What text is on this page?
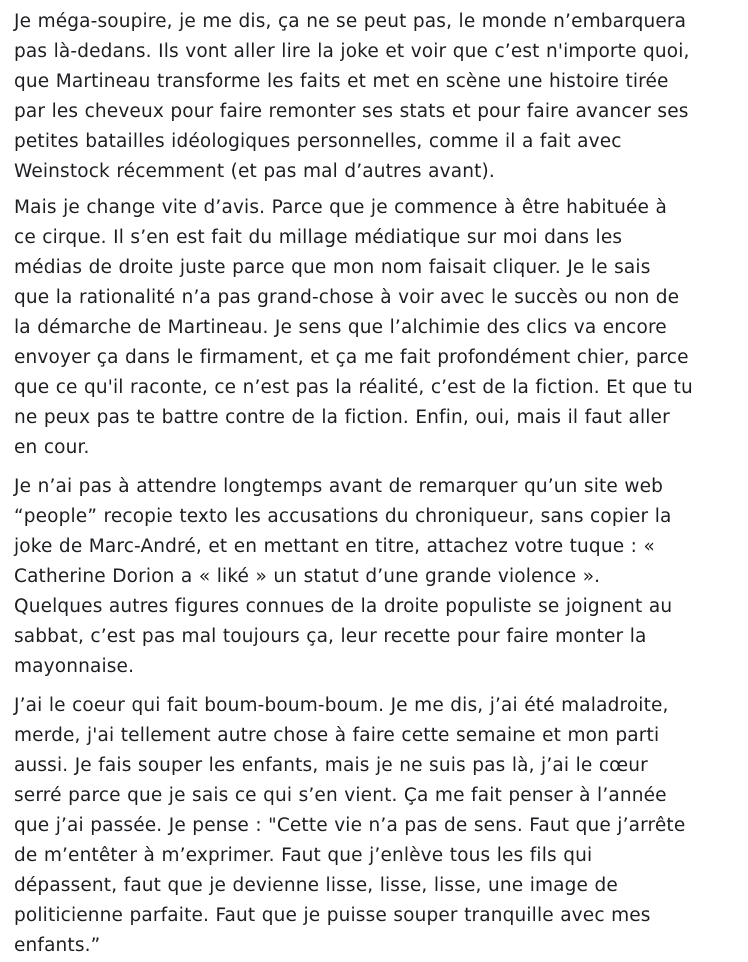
Je méga-soupire, je me dis, ça ne se peut pas, le monde n’embarquera
pas là-dedans. Ils vont aller lire la joke et voir que c’est n'importe quoi,
que Martineau transforme les faits et met en scène une histoire tirée
par les cheveux pour faire remonter ses stats et pour faire avancer ses
petites batailles idéologiques personnelles, comme il a fait avec
Weinstock récemment (et pas mal d’autres avant).

Mais je change vite d’avis. Parce que je commence à être habituée à
ce cirque. Il s’en est fait du millage médiatique sur moi dans les
médias de droite juste parce que mon nom faisait cliquer. Je le sais
que la rationalité n’a pas grand-chose à voir avec le succès ou non de
la démarche de Martineau. Je sens que l’alchimie des clics va encore
envoyer ça dans le firmament, et ça me fait profondément chier, parce
que ce qu'il raconte, ce n’est pas la réalité, c’est de la fiction. Et que tu
ne peux pas te battre contre de la fiction. Enfin, oui, mais il faut aller
en cour.

Je n’ai pas à attendre longtemps avant de remarquer qu’un site web
“people” recopie texto les accusations du chroniqueur, sans copier la
joke de Marc-André, et en mettant en titre, attachez votre tuque : «
Catherine Dorion a « liké » un statut d’une grande violence ».
Quelques autres figures connues de la droite populiste se joignent au
sabbat, c’est pas mal toujours ça, leur recette pour faire monter la
mayonnaise.

J’ai le coeur qui fait boum-boum-boum. Je me dis, j’ai été maladroite,
merde, j'ai tellement autre chose à faire cette semaine et mon parti
aussi. Je fais souper les enfants, mais je ne suis pas là, j’ai le cœur
serré parce que je sais ce qui s’en vient. Ça me fait penser à l’année
que j’ai passée. Je pense : "Cette vie n’a pas de sens. Faut que j’arrête
de m’entêter à m’exprimer. Faut que j’enlève tous les fils qui
dépassent, faut que je devienne lisse, lisse, lisse, une image de
politicienne parfaite. Faut que je puisse souper tranquille avec mes
enfants.”
